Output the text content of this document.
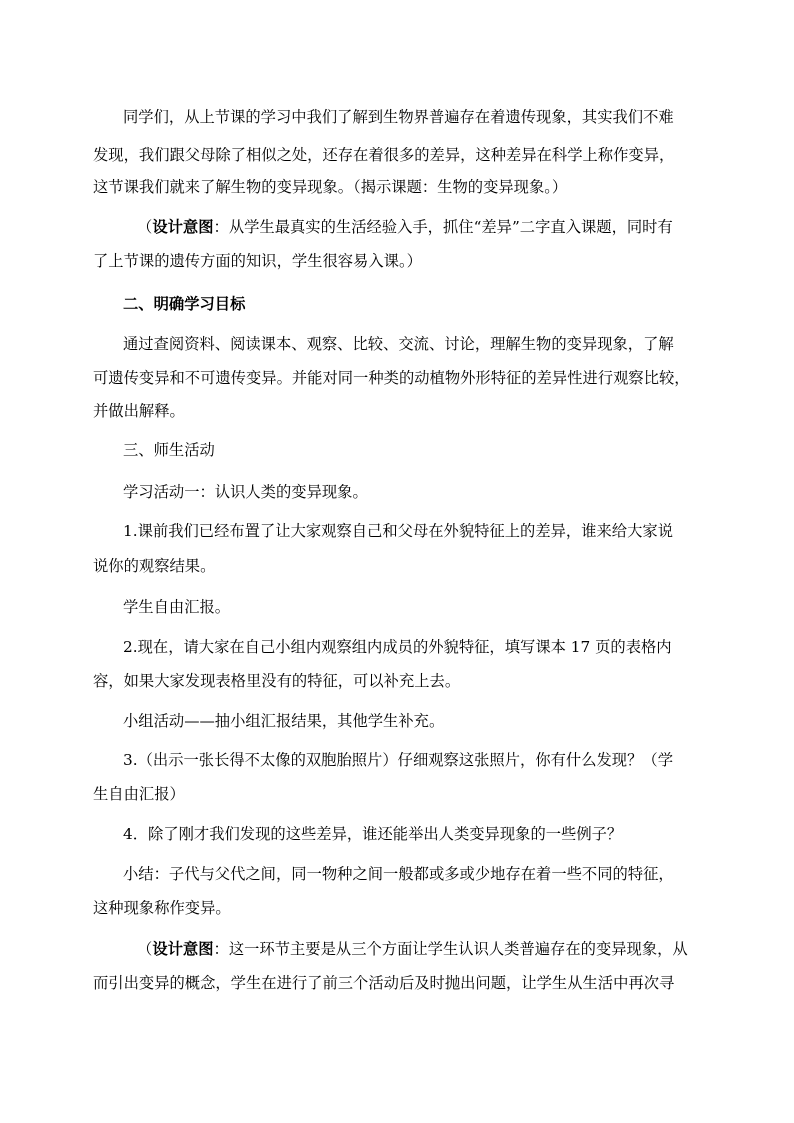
同学们，从上节课的学习中我们了解到生物界普遍存在着遗传现象，其实我们不难
发现，我们跟父母除了相似之处，还存在着很多的差异，这种差异在科学上称作变异，
这节课我们就来了解生物的变异现象。（揭示课题：生物的变异现象。）
（设计意图：从学生最真实的生活经验入手，抓住“差异”二字直入课题，同时有
了上节课的遗传方面的知识，学生很容易入课。）
二、明确学习目标
通过查阅资料、阅读课本、观察、比较、交流、讨论，理解生物的变异现象，了解
可遗传变异和不可遗传变异。并能对同一种类的动植物外形特征的差异性进行观察比较，
并做出解释。
三、师生活动
学习活动一：认识人类的变异现象。
1.课前我们已经布置了让大家观察自己和父母在外貌特征上的差异，谁来给大家说
说你的观察结果。
学生自由汇报。
2.现在，请大家在自己小组内观察组内成员的外貌特征，填写课本 17 页的表格内
容，如果大家发现表格里没有的特征，可以补充上去。
小组活动——抽小组汇报结果，其他学生补充。
3.（出示一张长得不太像的双胞胎照片）仔细观察这张照片，你有什么发现？（学
生自由汇报）
4．除了刚才我们发现的这些差异，谁还能举出人类变异现象的一些例子？
小结：子代与父代之间，同一物种之间一般都或多或少地存在着一些不同的特征，
这种现象称作变异。
（设计意图：这一环节主要是从三个方面让学生认识人类普遍存在的变异现象，从
而引出变异的概念，学生在进行了前三个活动后及时抛出问题，让学生从生活中再次寻
